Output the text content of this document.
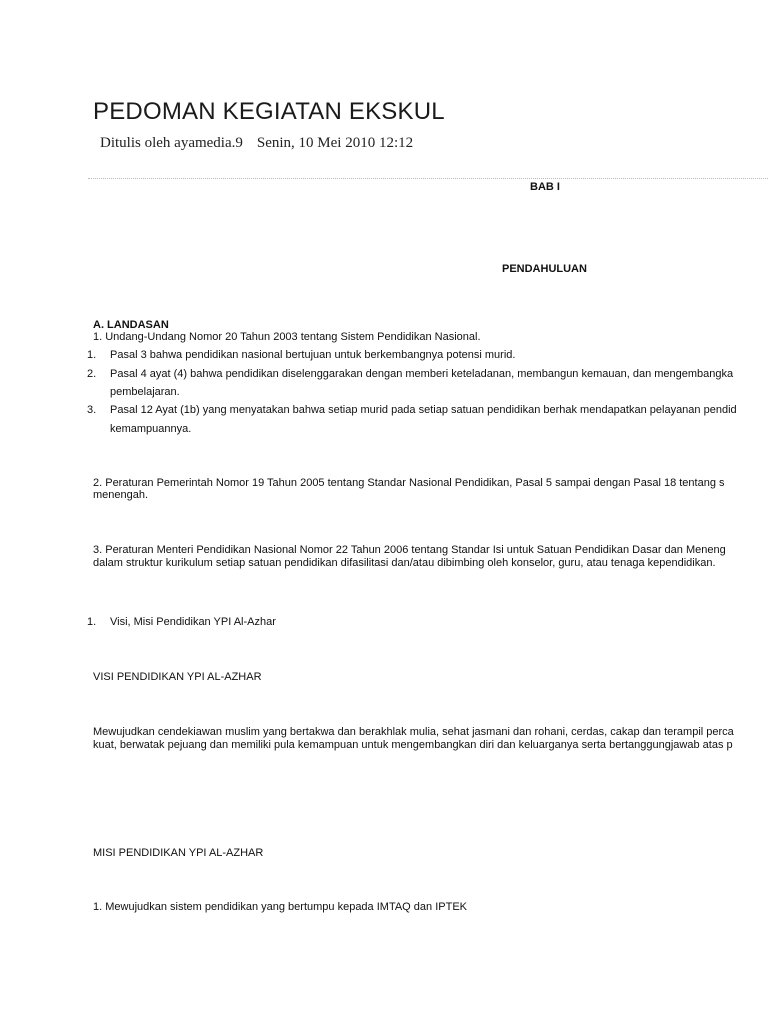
PEDOMAN KEGIATAN EKSKUL
Ditulis oleh ayamedia.9 Senin, 10 Mei 2010 12:12
BAB I
PENDAHULUAN
A. LANDASAN
1. Undang-Undang Nomor 20 Tahun 2003 tentang Sistem Pendidikan Nasional.
1. Pasal 3 bahwa pendidikan nasional bertujuan untuk berkembangnya potensi murid.
2. Pasal 4 ayat (4) bahwa pendidikan diselenggarakan dengan memberi keteladanan, membangun kemauan, dan mengembangka
pembelajaran.
3. Pasal 12 Ayat (1b) yang menyatakan bahwa setiap murid pada setiap satuan pendidikan berhak mendapatkan pelayanan pendid
kemampuannya.
2. Peraturan Pemerintah Nomor 19 Tahun 2005 tentang Standar Nasional Pendidikan, Pasal 5 sampai dengan Pasal 18 tentang s
menengah.
3. Peraturan Menteri Pendidikan Nasional Nomor 22 Tahun 2006 tentang Standar Isi untuk Satuan Pendidikan Dasar dan Meneng
dalam struktur kurikulum setiap satuan pendidikan difasilitasi dan/atau dibimbing oleh konselor, guru, atau tenaga kependidikan.
1. Visi, Misi Pendidikan YPI Al-Azhar
VISI PENDIDIKAN YPI AL-AZHAR
Mewujudkan cendekiawan muslim yang bertakwa dan berakhlak mulia, sehat jasmani dan rohani, cerdas, cakap dan terampil perca
kuat, berwatak pejuang dan memiliki pula kemampuan untuk mengembangkan diri dan keluarganya serta bertanggungjawab atas p
MISI PENDIDIKAN YPI AL-AZHAR
1. Mewujudkan sistem pendidikan yang bertumpu kepada IMTAQ dan IPTEK
